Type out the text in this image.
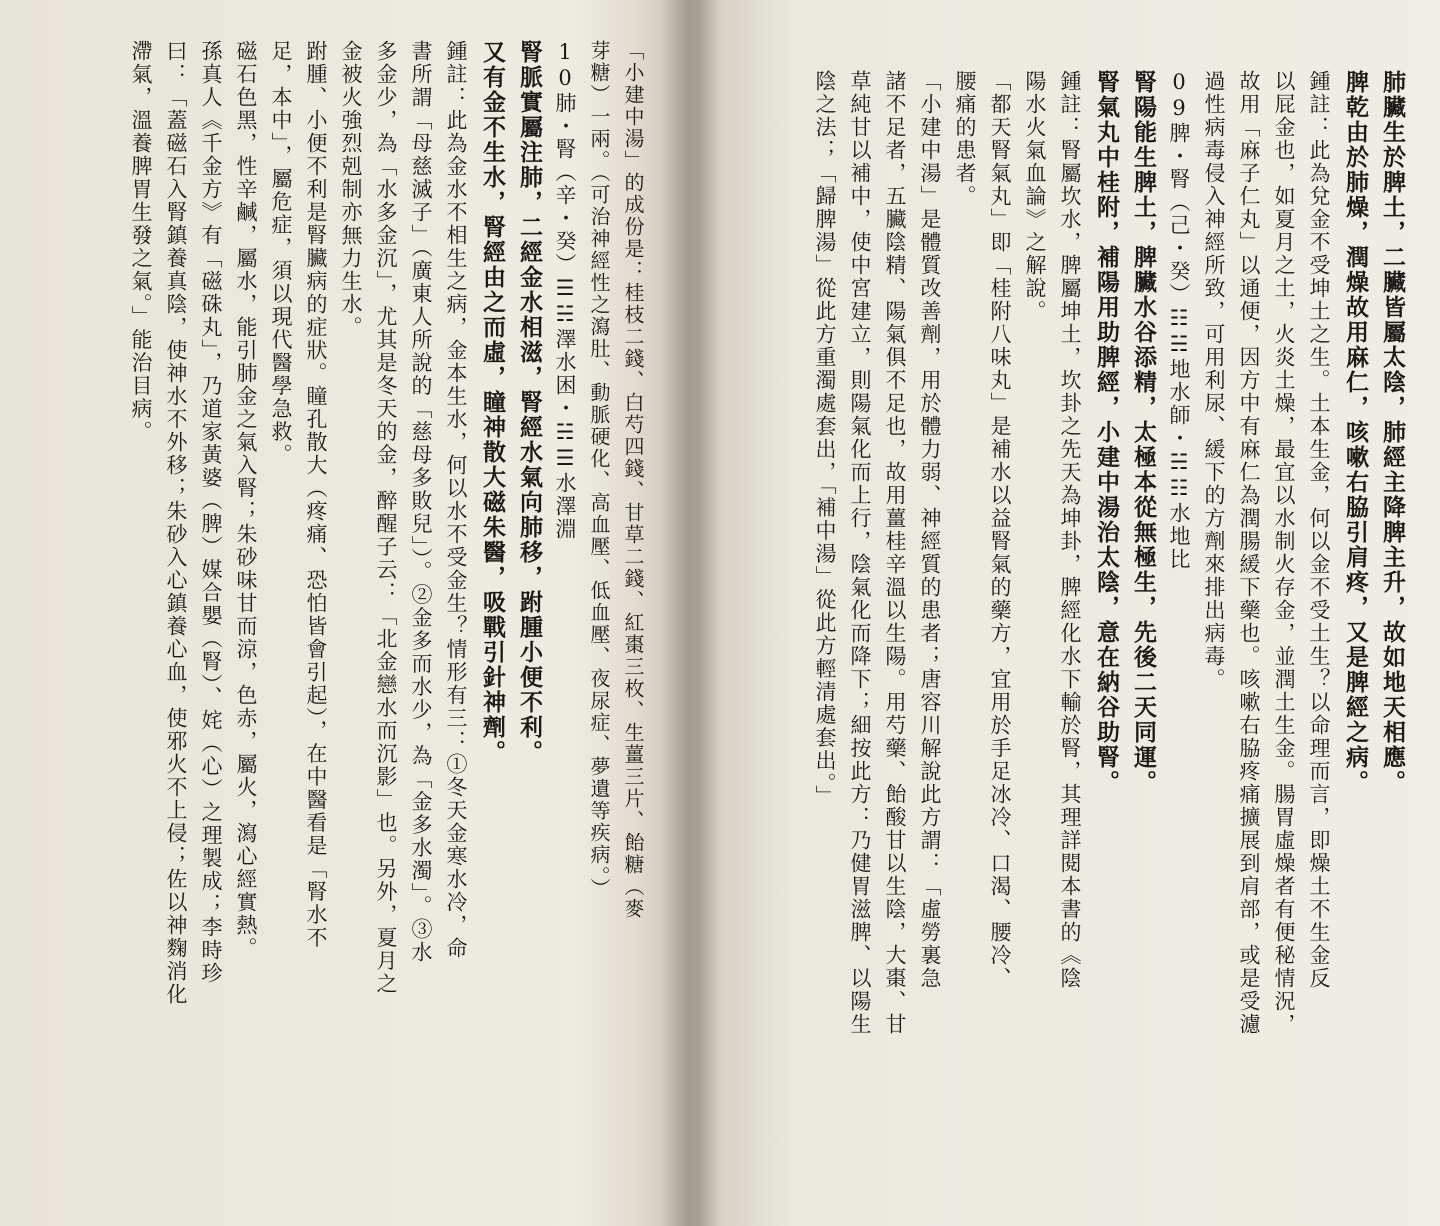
肺臟生於脾土，二臟皆屬太陰，肺經主降脾主升，故如地天相應。
脾乾由於肺燥，潤燥故用麻仁，咳嗽右脇引肩疼，又是脾經之病。
鍾註：此為兌金不受坤土之生。土本生金，何以金不受土生？以命理而言，即燥土不生金反
以屁金也，如夏月之土，火炎土燥，最宜以水制火存金，並潤土生金。腸胃虛燥者有便秘情況，
故用「麻子仁丸」以通便，因方中有麻仁為潤腸緩下藥也。咳嗽右脇疼痛擴展到肩部，或是受濾
過性病毒侵入神經所致，可用利尿、緩下的方劑來排出病毒。
09脾・腎（己・癸）☷☵地水師・☵☷水地比
腎陽能生脾土，脾臟水谷添精，太極本從無極生，先後二天同運。
腎氣丸中桂附，補陽用助脾經，小建中湯治太陰，意在納谷助腎。
鍾註：腎屬坎水，脾屬坤土，坎卦之先天為坤卦，脾經化水下輸於腎，其理詳閱本書的《陰
陽水火氣血論》之解說。
「都天腎氣丸」即「桂附八味丸」是補水以益腎氣的藥方，宜用於手足冰冷、口渴、腰冷、
腰痛的患者。
「小建中湯」是體質改善劑，用於體力弱、神經質的患者；唐容川解說此方謂：「虛勞裏急
諸不足者，五臟陰精、陽氣俱不足也，故用薑桂辛溫以生陽。用芍藥、飴酸甘以生陰，大棗、甘
草純甘以補中，使中宮建立，則陽氣化而上行，陰氣化而降下；細按此方：乃健胃滋脾、以陽生
陰之法；「歸脾湯」從此方重濁處套出，「補中湯」從此方輕清處套出。」
「小建中湯」的成份是：桂枝二錢、白芍四錢、甘草二錢、紅棗三枚、生薑三片、飴糖（麥
芽糖）一兩。（可治神經性之瀉肚、動脈硬化、高血壓、低血壓、夜尿症、夢遺等疾病。）
10肺・腎（辛・癸）☰☵澤水困・☵☰水澤淵
腎脈實屬注肺，二經金水相滋，腎經水氣向肺移，跗腫小便不利。
又有金不生水，腎經由之而虛，瞳神散大磁朱醫，吸戰引針神劑。
鍾註：此為金水不相生之病，金本生水，何以水不受金生？情形有三：①冬天金寒水冷，命
書所謂「母慈滅子」（廣東人所說的「慈母多敗兒」）。②金多而水少，為「金多水濁」。③水
多金少，為「水多金沉」，尤其是冬天的金，醉醒子云：「北金戀水而沉影」也。另外，夏月之
金被火強烈剋制亦無力生水。
跗腫、小便不利是腎臟病的症狀。瞳孔散大（疼痛、恐怕皆會引起），在中醫看是「腎水不
足，本中」，屬危症，須以現代醫學急救。
磁石色黑，性辛鹹，屬水，能引肺金之氣入腎；朱砂味甘而涼，色赤，屬火，瀉心經實熱。
孫真人《千金方》有「磁硃丸」，乃道家黃婆（脾）媒合嬰（腎）、姹（心）之理製成；李時珍
曰：「蓋磁石入腎鎮養真陰，使神水不外移；朱砂入心鎮養心血，使邪火不上侵；佐以神麴消化
滯氣，溫養脾胃生發之氣。」能治目病。
